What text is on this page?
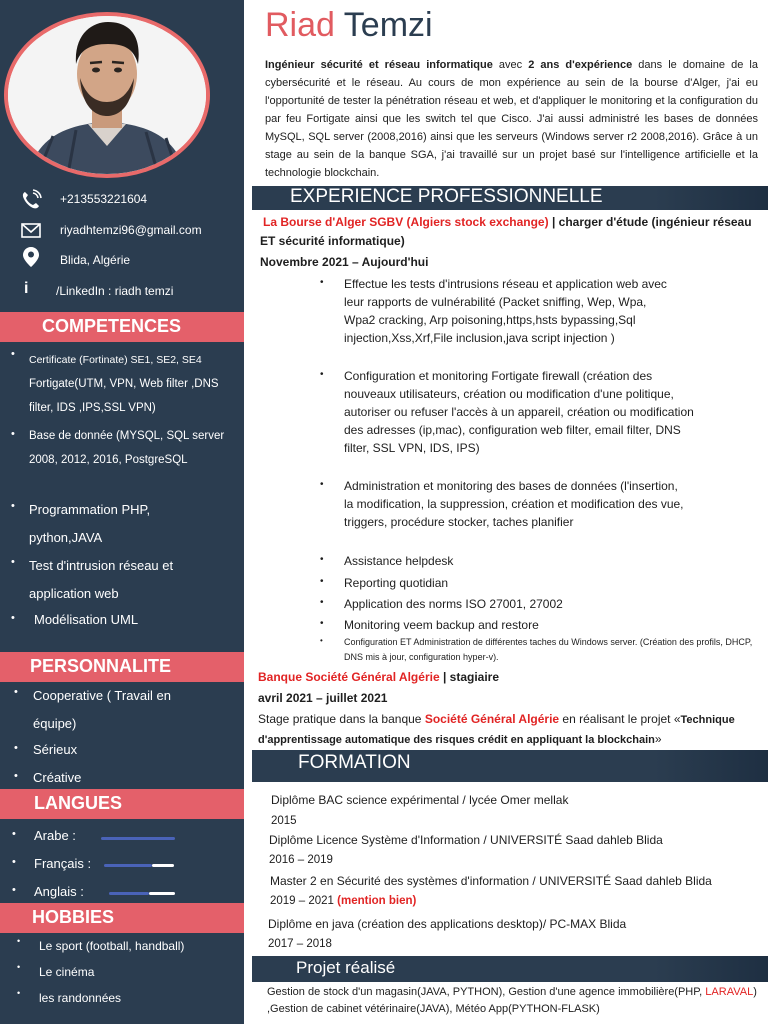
+213553221604
riyadhtemzi96@gmail.com
Blida, Algérie
i	/LinkedIn : riadh temzi
COMPETENCES
• Certificate (Fortinate) SE1, SE2, SE4
Fortigate(UTM, VPN, Web filter ,DNS filter, IDS ,IPS,SSL VPN)
• Base de donnée (MYSQL, SQL server 2008, 2012, 2016, PostgreSQL
• Programmation PHP, python,JAVA
• Test d'intrusion réseau et application web
• Modélisation UML
PERSONNALITE
• Cooperative ( Travail en équipe)
• Sérieux
• Créative
LANGUES
• Arabe :
• Français :
• Anglais :
HOBBIES
• Le sport (football, handball)
• Le cinéma
• les randonnées
Riad Temzi
Ingénieur sécurité et réseau informatique avec 2 ans d'expérience dans le domaine de la cybersécurité et le réseau. Au cours de mon expérience au sein de la bourse d'Alger, j'ai eu l'opportunité de tester la pénétration réseau et web, et d'appliquer le monitoring et la configuration du par feu Fortigate ainsi que les switch tel que Cisco. J'ai aussi administré les bases de données MySQL, SQL server (2008,2016) ainsi que les serveurs (Windows server r2 2008,2016). Grâce à un stage au sein de la banque SGA, j'ai travaillé sur un projet basé sur l'intelligence artificielle et la technologie blockchain.
EXPERIENCE PROFESSIONNELLE
La Bourse d'Alger SGBV (Algiers stock exchange) | charger d'étude (ingénieur réseau
ET sécurité informatique)
Novembre 2021 – Aujourd'hui
• Effectue les tests d'intrusions réseau et application web avec leur rapports de vulnérabilité (Packet sniffing, Wep, Wpa, Wpa2 cracking, Arp poisoning,https,hsts bypassing,Sql injection,Xss,Xrf,File inclusion,java script injection )
• Configuration et monitoring Fortigate firewall (création des nouveaux utilisateurs, création ou modification d'une politique, autoriser ou refuser l'accès à un appareil, création ou modification des adresses (ip,mac), configuration web filter, email filter, DNS filter, SSL VPN, IDS, IPS)
• Administration et monitoring des bases de données (l'insertion, la modification, la suppression, création et modification des vue, triggers, procédure stocker, taches planifier
• Assistance helpdesk
• Reporting quotidian
• Application des norms ISO 27001, 27002
• Monitoring veem backup and restore
• Configuration ET Administration de différentes taches du Windows server. (Création des profils, DHCP, DNS mis à jour, configuration hyper-v).
Banque Société Général Algérie | stagiaire
avril 2021 – juillet 2021
Stage pratique dans la banque Société Général Algérie en réalisant le projet «Technique d'apprentissage automatique des risques crédit en appliquant la blockchain»
FORMATION
Diplôme BAC science expérimental / lycée Omer mellak
2015
Diplôme Licence Système d'Information / UNIVERSITÉ Saad dahleb Blida
2016 – 2019
Master 2 en Sécurité des systèmes d'information / UNIVERSITÉ Saad dahleb Blida
2019 – 2021 (mention bien)
Diplôme en java (création des applications desktop)/ PC-MAX Blida
2017 – 2018
Projet réalisé
Gestion de stock d'un magasin(JAVA, PYTHON), Gestion d'une agence immobilière(PHP, LARAVAL) ,Gestion de cabinet vétérinaire(JAVA), Météo App(PYTHON-FLASK)
